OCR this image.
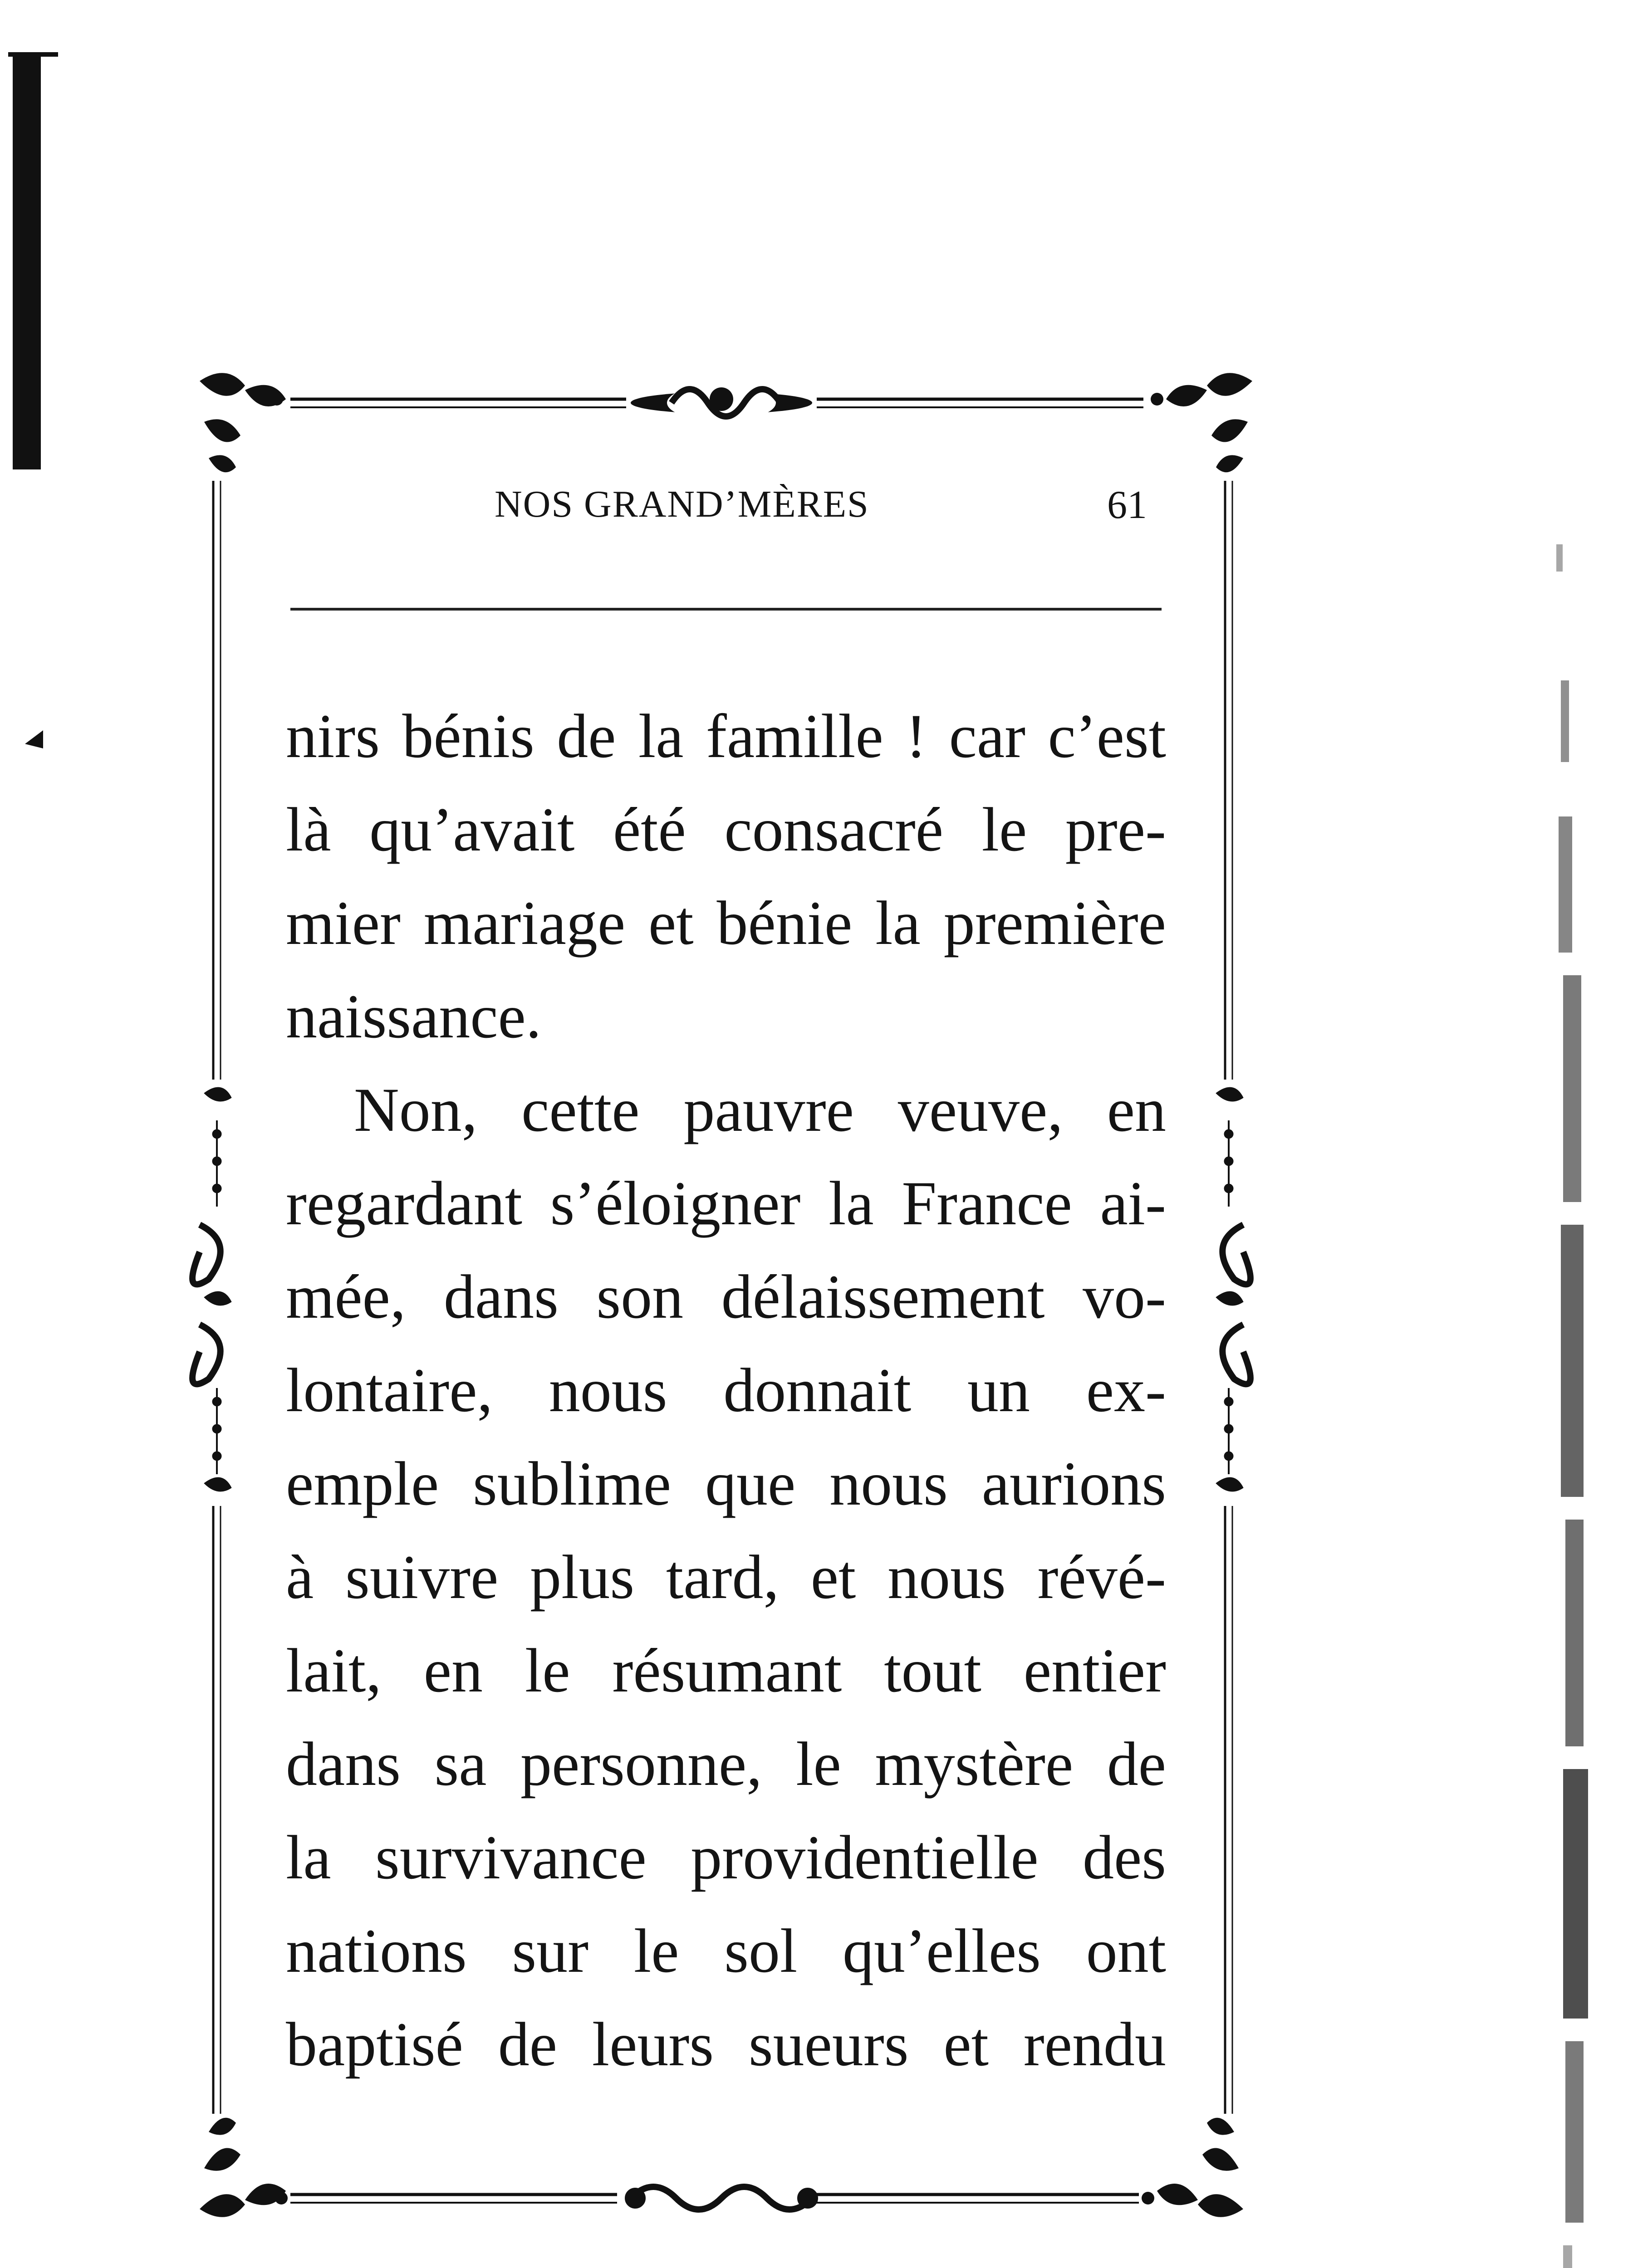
NOS GRAND’MÈRES	61
nirs bénis de la famille ! car c’est
là qu’avait été consacré le pre-
mier mariage et bénie la première
naissance.
Non, cette pauvre veuve, en
regardant s’éloigner la France ai-
mée, dans son délaissement vo-
lontaire, nous donnait un ex-
emple sublime que nous aurions
à suivre plus tard, et nous révé-
lait, en le résumant tout entier
dans sa personne, le mystère de
la survivance providentielle des
nations sur le sol qu’elles ont
baptisé de leurs sueurs et rendu
